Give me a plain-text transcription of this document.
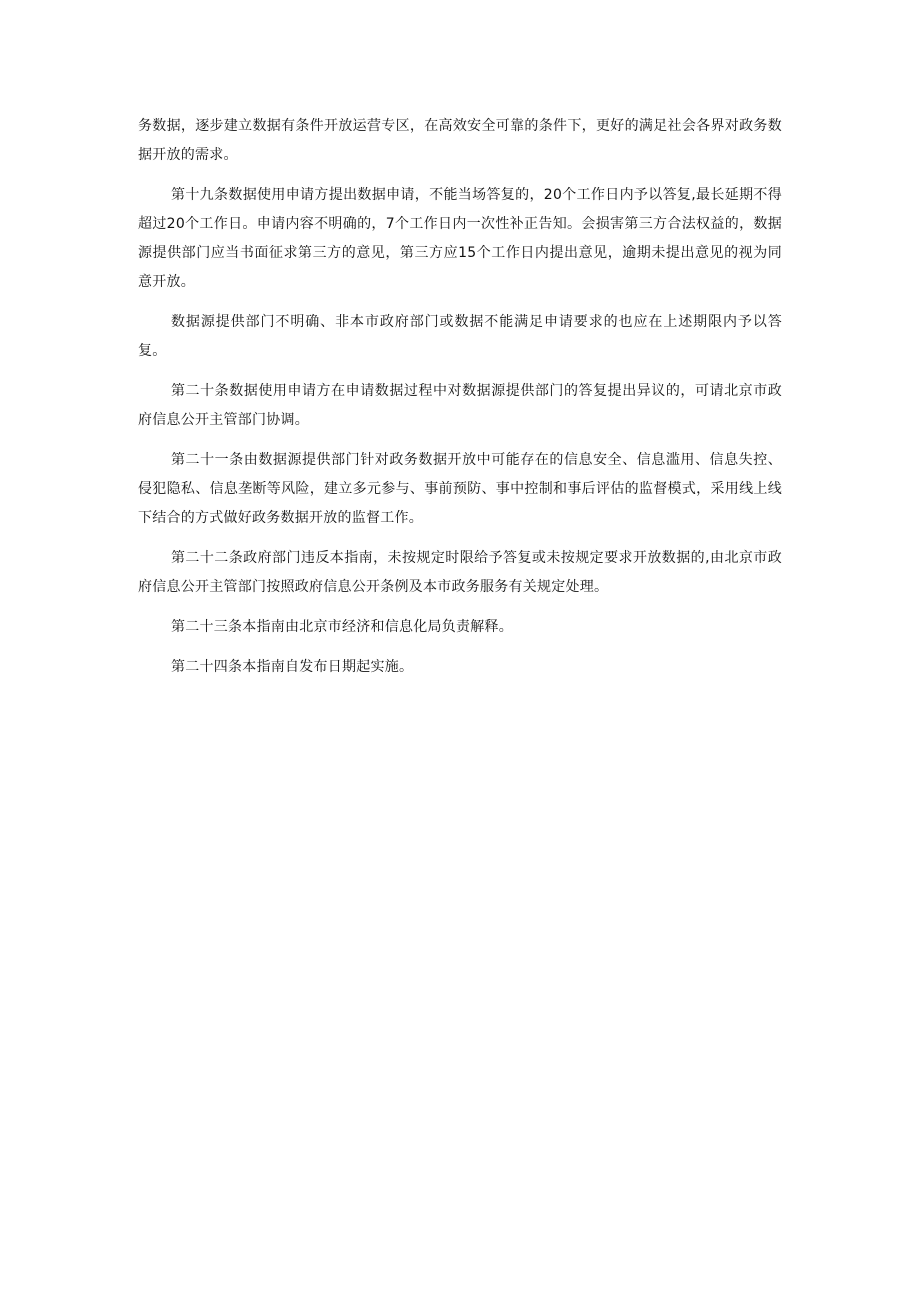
务数据，逐步建立数据有条件开放运营专区，在高效安全可靠的条件下，更好的满足社会各界对政务数据开放的需求。

第十九条数据使用申请方提出数据申请，不能当场答复的，20个工作日内予以答复,最长延期不得超过20个工作日。申请内容不明确的，7个工作日内一次性补正告知。会损害第三方合法权益的，数据源提供部门应当书面征求第三方的意见，第三方应15个工作日内提出意见，逾期未提出意见的视为同意开放。

数据源提供部门不明确、非本市政府部门或数据不能满足申请要求的也应在上述期限内予以答复。

第二十条数据使用申请方在申请数据过程中对数据源提供部门的答复提出异议的，可请北京市政府信息公开主管部门协调。

第二十一条由数据源提供部门针对政务数据开放中可能存在的信息安全、信息滥用、信息失控、侵犯隐私、信息垄断等风险，建立多元参与、事前预防、事中控制和事后评估的监督模式，采用线上线下结合的方式做好政务数据开放的监督工作。

第二十二条政府部门违反本指南，未按规定时限给予答复或未按规定要求开放数据的,由北京市政府信息公开主管部门按照政府信息公开条例及本市政务服务有关规定处理。

第二十三条本指南由北京市经济和信息化局负责解释。

第二十四条本指南自发布日期起实施。
